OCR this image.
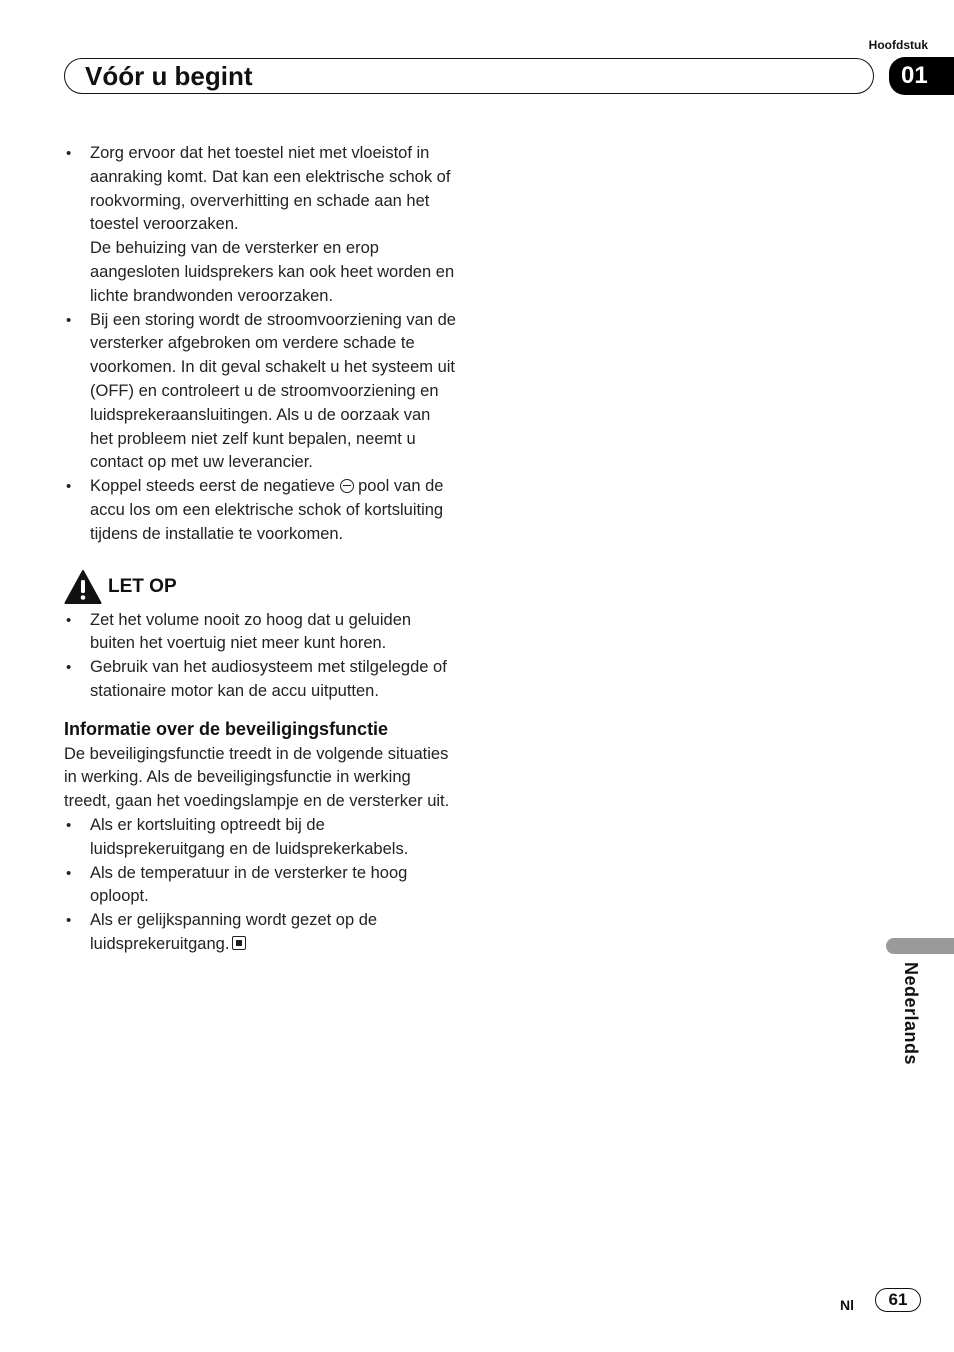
Hoofdstuk
Vóór u begint	01
• Zorg ervoor dat het toestel niet met vloeistof in aanraking komt. Dat kan een elektrische schok of rookvorming, oververhitting en schade aan het toestel veroorzaken.
De behuizing van de versterker en erop aangesloten luidsprekers kan ook heet worden en lichte brandwonden veroorzaken.
• Bij een storing wordt de stroomvoorziening van de versterker afgebroken om verdere schade te voorkomen. In dit geval schakelt u het systeem uit (OFF) en controleert u de stroomvoorziening en luidsprekeraansluitingen. Als u de oorzaak van het probleem niet zelf kunt bepalen, neemt u contact op met uw leverancier.
• Koppel steeds eerst de negatieve pool van de accu los om een elektrische schok of kortsluiting tijdens de installatie te voorkomen.
LET OP
• Zet het volume nooit zo hoog dat u geluiden buiten het voertuig niet meer kunt horen.
• Gebruik van het audiosysteem met stilgelegde of stationaire motor kan de accu uitputten.
Informatie over de beveiligingsfunctie
De beveiligingsfunctie treedt in de volgende situaties in werking. Als de beveiligingsfunctie in werking treedt, gaan het voedingslampje en de versterker uit.
• Als er kortsluiting optreedt bij de luidsprekeruitgang en de luidsprekerkabels.
• Als de temperatuur in de versterker te hoog oploopt.
• Als er gelijkspanning wordt gezet op de luidsprekeruitgang.
Nederlands
Nl	61
